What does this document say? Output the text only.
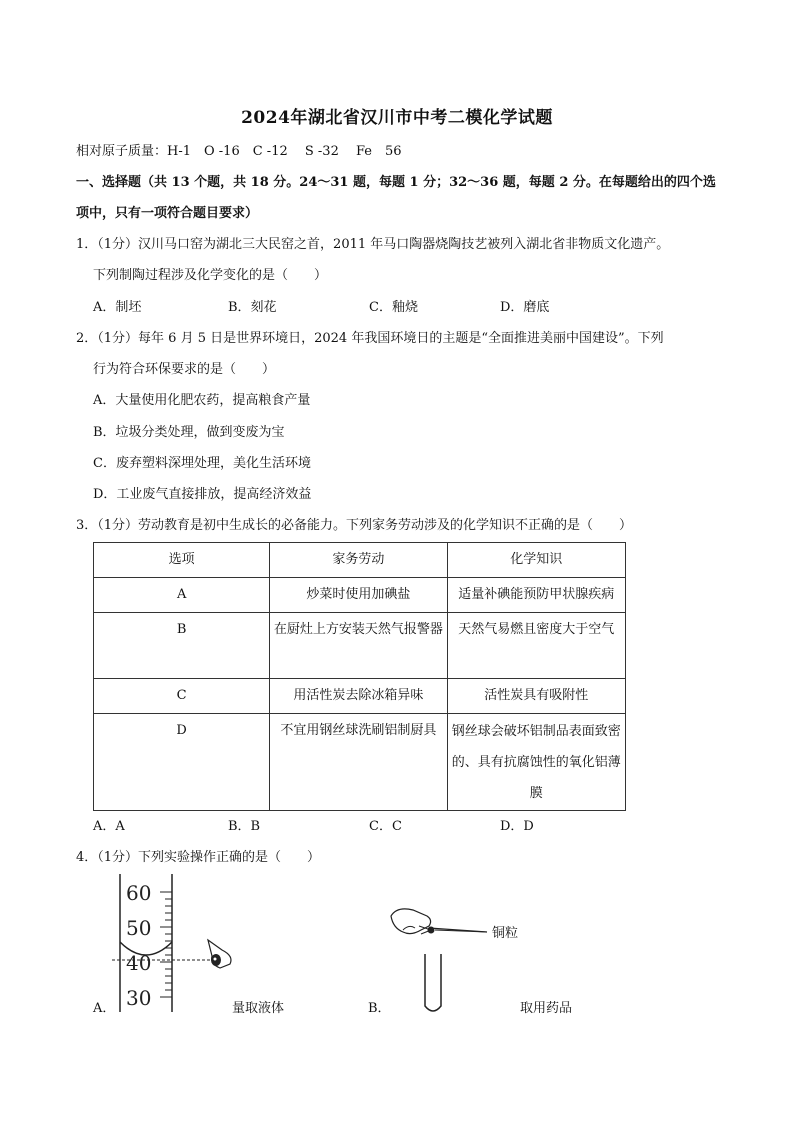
2024年湖北省汉川市中考二模化学试题
相对原子质量：H-1　O -16　C -12　 S -32　 Fe　56
一、选择题（共 13 个题，共 18 分。24～31 题，每题 1 分；32～36 题，每题 2 分。在每题给出的四个选
项中，只有一项符合题目要求）
1．（1分）汉川马口窑为湖北三大民窑之首，2011 年马口陶器烧陶技艺被列入湖北省非物质文化遗产。
下列制陶过程涉及化学变化的是（　　）
A．制坯	B．刻花	C．釉烧	D．磨底
2．（1分）每年 6 月 5 日是世界环境日，2024 年我国环境日的主题是“全面推进美丽中国建设”。下列
行为符合环保要求的是（　　）
A．大量使用化肥农药，提高粮食产量
B．垃圾分类处理，做到变废为宝
C．废弃塑料深埋处理，美化生活环境
D．工业废气直接排放，提高经济效益
3．（1分）劳动教育是初中生成长的必备能力。下列家务劳动涉及的化学知识不正确的是（　　）
选项	家务劳动	化学知识
A	炒菜时使用加碘盐	适量补碘能预防甲状腺疾病
B	在厨灶上方安装天然气报警器	天然气易燃且密度大于空气
C	用活性炭去除冰箱异味	活性炭具有吸附性
D	不宜用钢丝球洗刷铝制厨具	钢丝球会破坏铝制品表面致密的、具有抗腐蚀性的氧化铝薄膜
A．A	B．B	C．C	D．D
4．（1分）下列实验操作正确的是（　　）
60
50
40
30
A．	量取液体
铜粒
B．	取用药品
